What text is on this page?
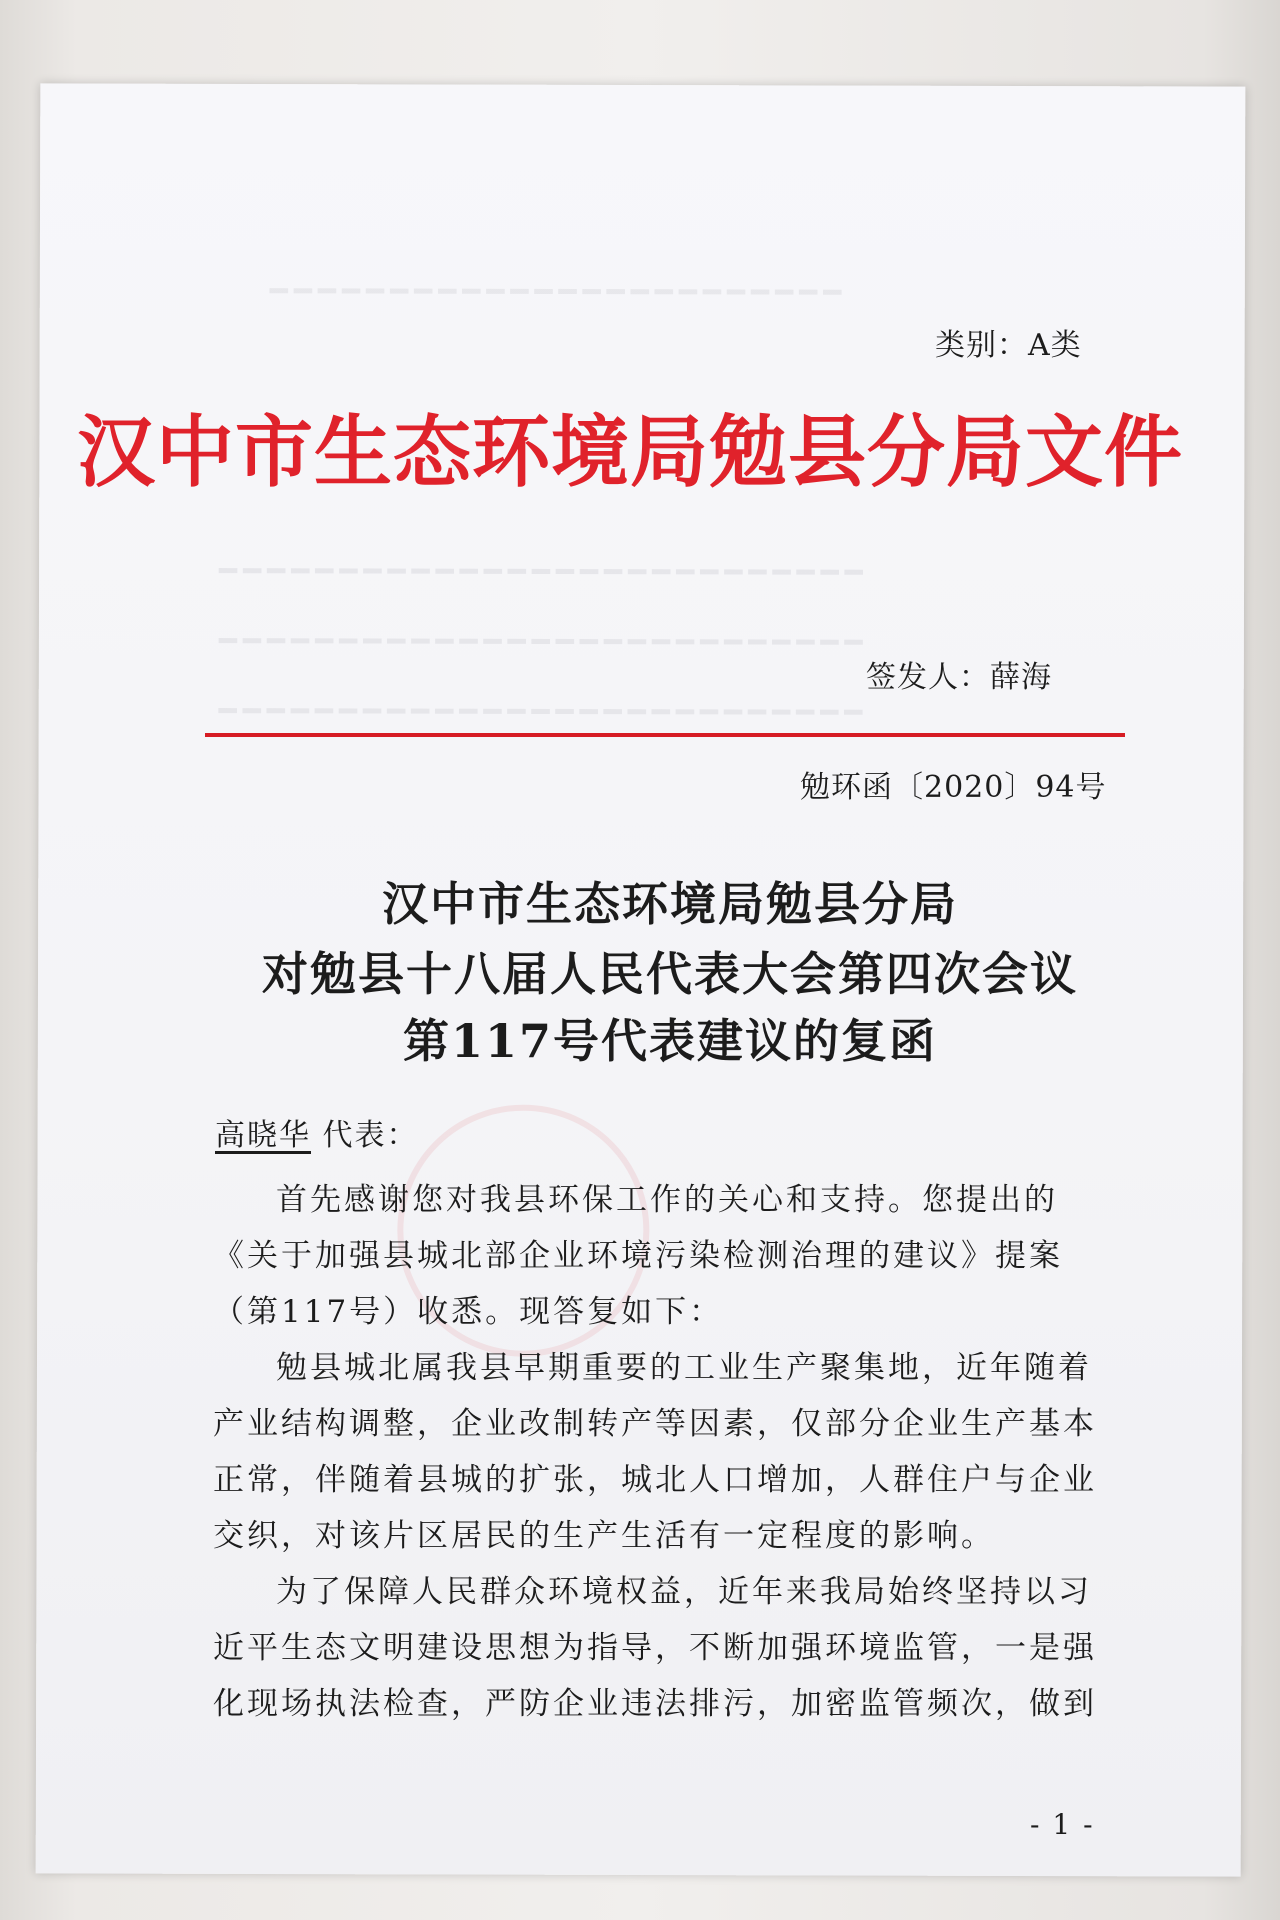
━━━━━━━━━━━━━━━━━━━━━━━━
━━━━━━━━━━━━━━━━━━━━━━━━━━━
━━━━━━━━━━━━━━━━━━━━━━━━━━━
━━━━━━━━━━━━━━━━━━━━━━━━━━━
类别：A类
汉中市生态环境局勉县分局文件
签发人：薛海
勉环函〔2020〕94号
汉中市生态环境局勉县分局
对勉县十八届人民代表大会第四次会议
第117号代表建议的复函
高晓华 代表：
首先感谢您对我县环保工作的关心和支持。您提出的
《关于加强县城北部企业环境污染检测治理的建议》提案
（第117号）收悉。现答复如下：
勉县城北属我县早期重要的工业生产聚集地，近年随着
产业结构调整，企业改制转产等因素，仅部分企业生产基本
正常，伴随着县城的扩张，城北人口增加，人群住户与企业
交织，对该片区居民的生产生活有一定程度的影响。
为了保障人民群众环境权益，近年来我局始终坚持以习
近平生态文明建设思想为指导，不断加强环境监管，一是强
化现场执法检查，严防企业违法排污，加密监管频次，做到
- 1 -
